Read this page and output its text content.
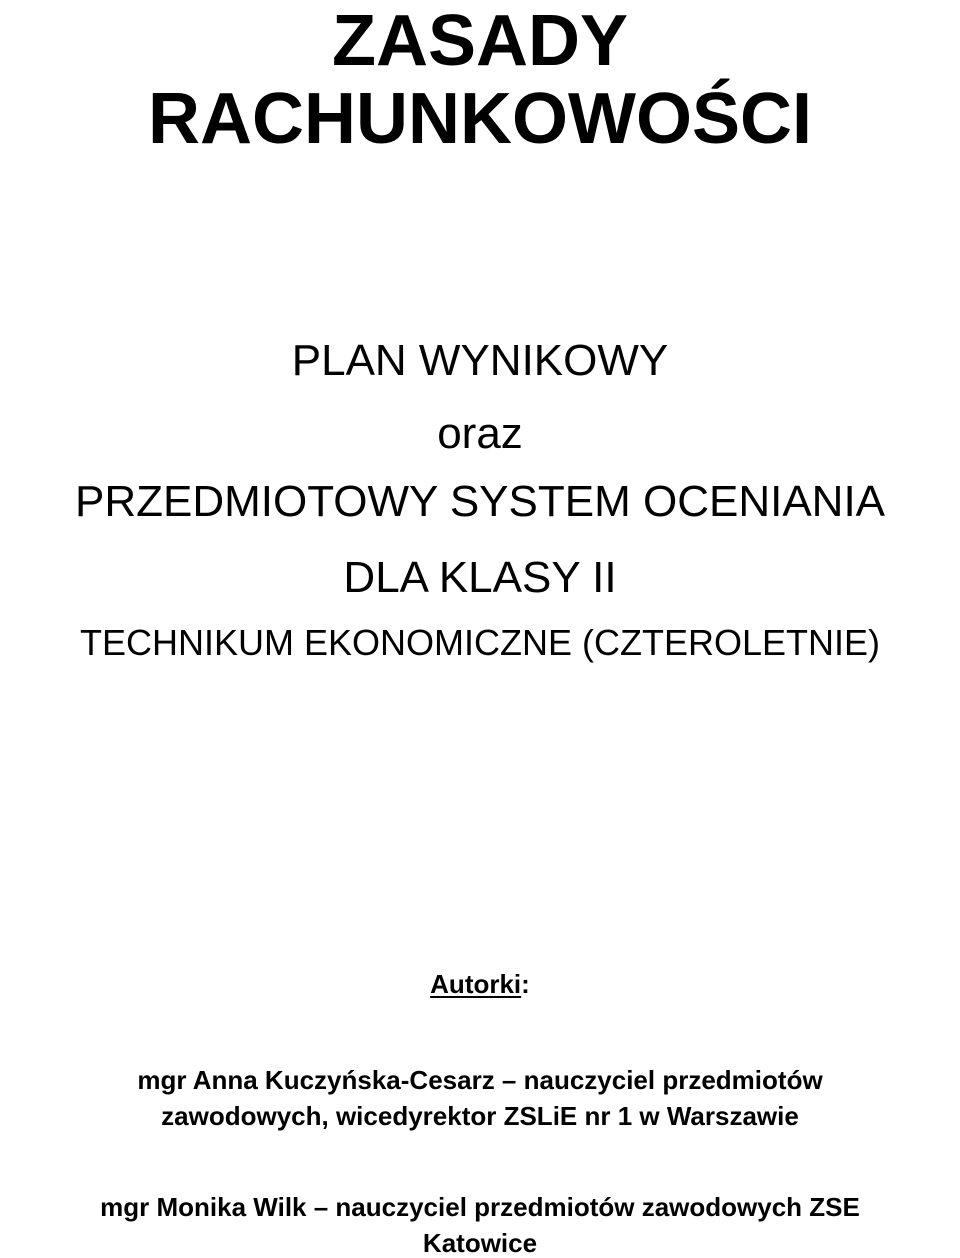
ZASADY
RACHUNKOWOŚCI

PLAN WYNIKOWY

oraz

PRZEDMIOTOWY SYSTEM OCENIANIA

DLA KLASY II

TECHNIKUM EKONOMICZNE (CZTEROLETNIE)

Autorki:

mgr Anna Kuczyńska-Cesarz – nauczyciel przedmiotów

zawodowych, wicedyrektor ZSLiE nr 1 w Warszawie

mgr Monika Wilk – nauczyciel przedmiotów zawodowych ZSE

Katowice
